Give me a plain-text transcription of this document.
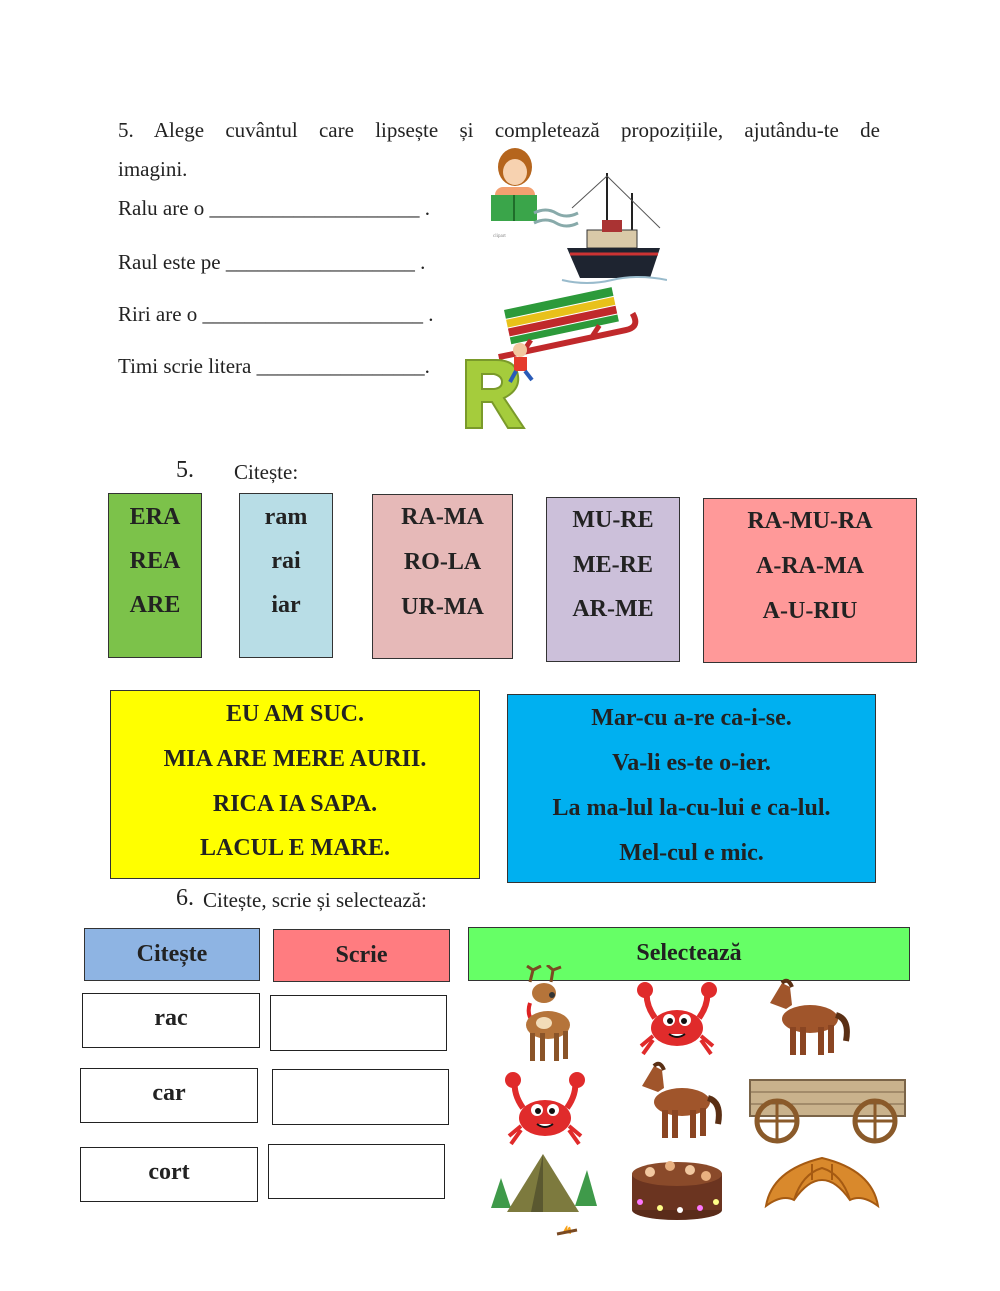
5. Alege cuvântul care lipsește și completează propozițiile, ajutându-te de
imagini.
Ralu are o ____________________ .
Raul este pe __________________ .
Riri are o _____________________ .
Timi scrie litera ________________.
clipart
5. Citește:
ERA
REA
ARE
ram
rai
iar
RA-MA
RO-LA
UR-MA
MU-RE
ME-RE
AR-ME
RA-MU-RA
A-RA-MA
A-U-RIU
EU AM SUC.
MIA ARE MERE AURII.
RICA IA SAPA.
LACUL E MARE.
Mar-cu a-re ca-i-se.
Va-li es-te o-ier.
La ma-lul la-cu-lui e ca-lul.
Mel-cul e mic.
6. Citește, scrie și selectează:
Citește	Scrie	Selectează
rac
car
cort
